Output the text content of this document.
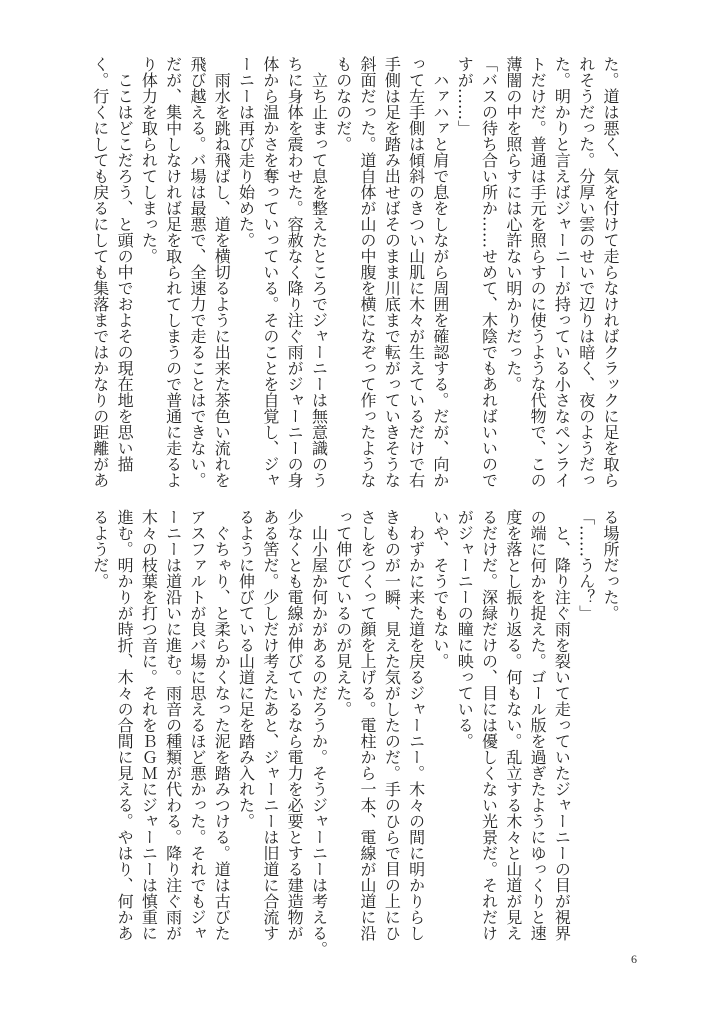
た。道は悪く、気を付けて走らなければクラックに足を取ら
れそうだった。分厚い雲のせいで辺りは暗く、夜のようだっ
た。明かりと言えばジャーニーが持っている小さなペンライ
トだけだ。普通は手元を照らすのに使うような代物で、この
薄闇の中を照らすには心許ない明かりだった。
「バスの待ち合い所か……せめて、木陰でもあればいいので
すが……」
　ハァハァと肩で息をしながら周囲を確認する。だが、向か
って左手側は傾斜のきつい山肌に木々が生えているだけで右
手側は足を踏み出せばそのまま川底まで転がっていきそうな
斜面だった。道自体が山の中腹を横になぞって作ったような
ものなのだ。
　立ち止まって息を整えたところでジャーニーは無意識のう
ちに身体を震わせた。容赦なく降り注ぐ雨がジャーニーの身
体から温かさを奪っていっている。そのことを自覚し、ジャ
ーニーは再び走り始めた。
　雨水を跳ね飛ばし、道を横切るように出来た茶色い流れを
飛び越える。バ場は最悪で、全速力で走ることはできない。
だが、集中しなければ足を取られてしまうので普通に走るよ
り体力を取られてしまった。
　ここはどこだろう、と頭の中でおよその現在地を思い描
く。行くにしても戻るにしても集落まではかなりの距離があ
る場所だった。
「……うん？」
　と、降り注ぐ雨を裂いて走っていたジャーニーの目が視界
の端に何かを捉えた。ゴール版を過ぎたようにゆっくりと速
度を落とし振り返る。何もない。乱立する木々と山道が見え
るだけだ。深緑だけの、目には優しくない光景だ。それだけ
がジャーニーの瞳に映っている。
いや、そうでもない。
　わずかに来た道を戻るジャーニー。木々の間に明かりらし
きものが一瞬、見えた気がしたのだ。手のひらで目の上にひ
さしをつくって顔を上げる。電柱から一本、電線が山道に沿
って伸びているのが見えた。
　山小屋か何かがあるのだろうか。そうジャーニーは考える。
少なくとも電線が伸びているなら電力を必要とする建造物が
ある筈だ。少しだけ考えたあと、ジャーニーは旧道に合流す
るように伸びている山道に足を踏み入れた。
　ぐちゃり、と柔らかくなった泥を踏みつける。道は古びた
アスファルトが良バ場に思えるほど悪かった。それでもジャ
ーニーは道沿いに進む。雨音の種類が代わる。降り注ぐ雨が
木々の枝葉を打つ音に。それをＢＧＭにジャーニーは慎重に
進む。明かりが時折、木々の合間に見える。やはり、何かあ
るようだ。
6
